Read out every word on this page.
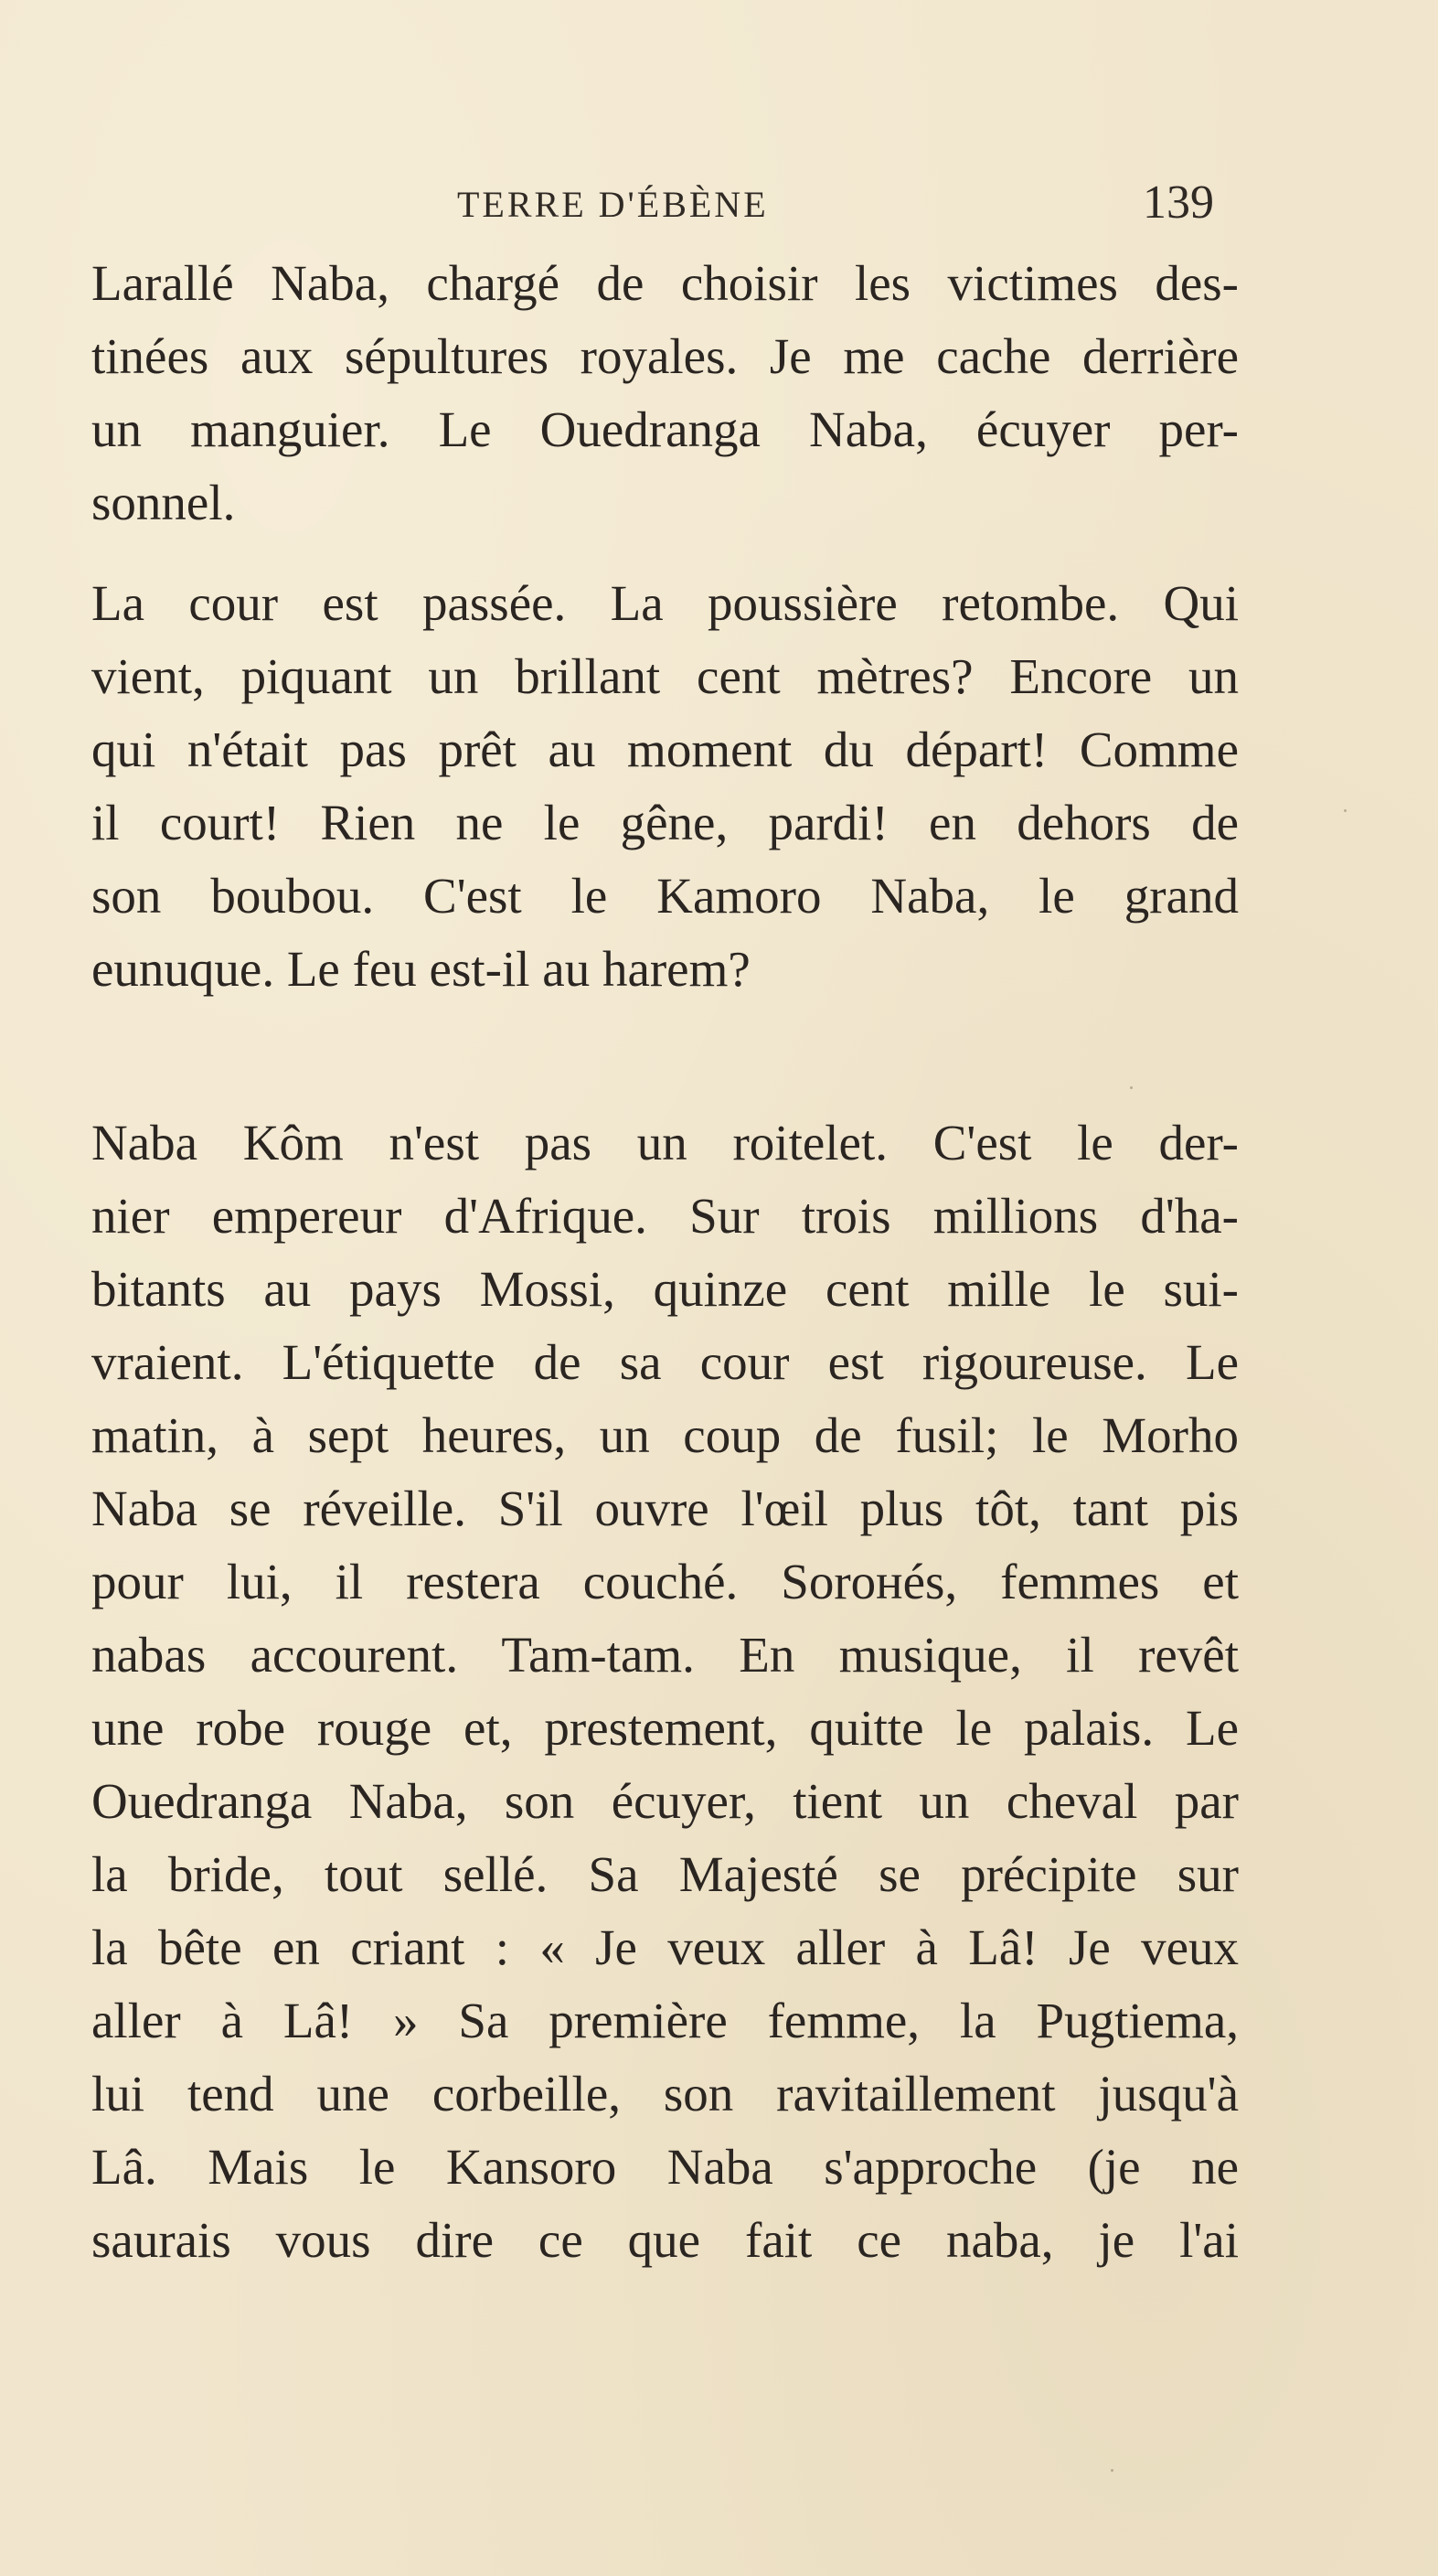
TERRE D'ÉBÈNE	139
Larallé Naba, chargé de choisir les victimes des-
tinées aux sépultures royales. Je me cache derrière
un manguier. Le Ouedranga Naba, écuyer per-
sonnel.
La cour est passée. La poussière retombe. Qui
vient, piquant un brillant cent mètres? Encore un
qui n'était pas prêt au moment du départ! Comme
il court! Rien ne le gêne, pardi! en dehors de
son boubou. C'est le Kamoro Naba, le grand
eunuque. Le feu est-il au harem?
Naba Kôm n'est pas un roitelet. C'est le der-
nier empereur d'Afrique. Sur trois millions d'ha-
bitants au pays Mossi, quinze cent mille le sui-
vraient. L'étiquette de sa cour est rigoureuse. Le
matin, à sept heures, un coup de fusil; le Morho
Naba se réveille. S'il ouvre l'œil plus tôt, tant pis
pour lui, il restera couché. Sorонés, femmes et
nabas accourent. Tam-tam. En musique, il revêt
une robe rouge et, prestement, quitte le palais. Le
Ouedranga Naba, son écuyer, tient un cheval par
la bride, tout sellé. Sa Majesté se précipite sur
la bête en criant : « Je veux aller à Lâ! Je veux
aller à Lâ! » Sa première femme, la Pugtiema,
lui tend une corbeille, son ravitaillement jusqu'à
Lâ. Mais le Kansoro Naba s'approche (je ne
saurais vous dire ce que fait ce naba, je l'ai
